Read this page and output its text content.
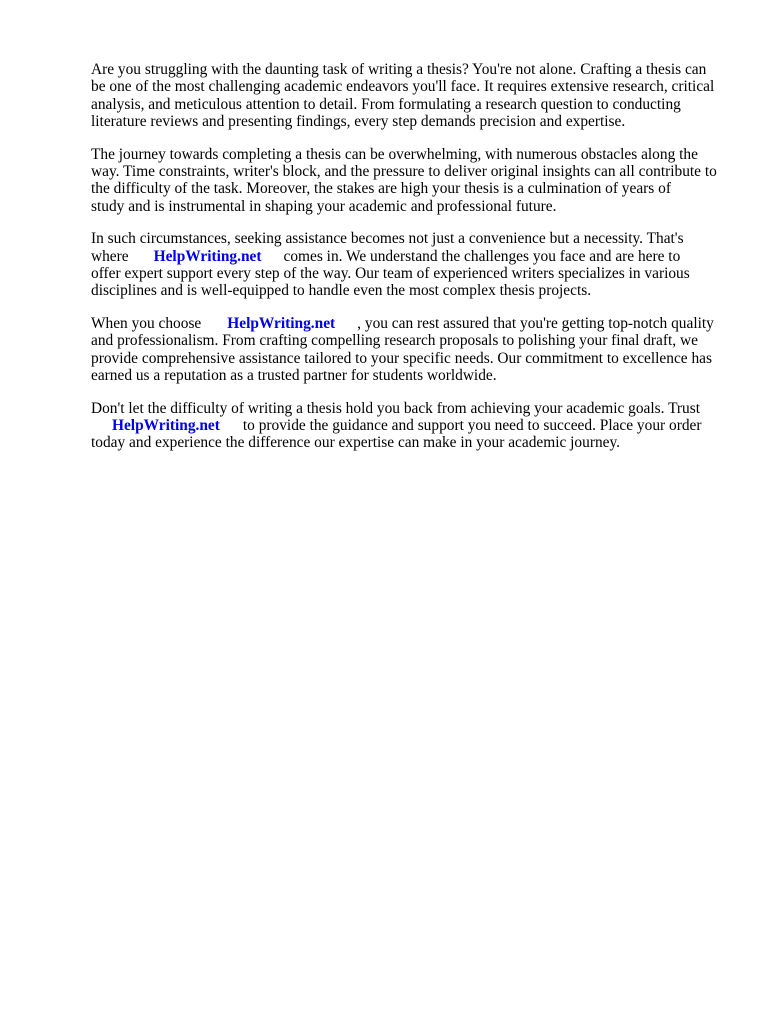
Are you struggling with the daunting task of writing a thesis? You're not alone. Crafting a thesis can
be one of the most challenging academic endeavors you'll face. It requires extensive research, critical
analysis, and meticulous attention to detail. From formulating a research question to conducting
literature reviews and presenting findings, every step demands precision and expertise.

The journey towards completing a thesis can be overwhelming, with numerous obstacles along the
way. Time constraints, writer's block, and the pressure to deliver original insights can all contribute to
the difficulty of the task. Moreover, the stakes are high your thesis is a culmination of years of
study and is instrumental in shaping your academic and professional future.

In such circumstances, seeking assistance becomes not just a convenience but a necessity. That's
where HelpWriting.net comes in. We understand the challenges you face and are here to
offer expert support every step of the way. Our team of experienced writers specializes in various
disciplines and is well-equipped to handle even the most complex thesis projects.

When you choose HelpWriting.net , you can rest assured that you're getting top-notch quality
and professionalism. From crafting compelling research proposals to polishing your final draft, we
provide comprehensive assistance tailored to your specific needs. Our commitment to excellence has
earned us a reputation as a trusted partner for students worldwide.

Don't let the difficulty of writing a thesis hold you back from achieving your academic goals. Trust
HelpWriting.net to provide the guidance and support you need to succeed. Place your order
today and experience the difference our expertise can make in your academic journey.
